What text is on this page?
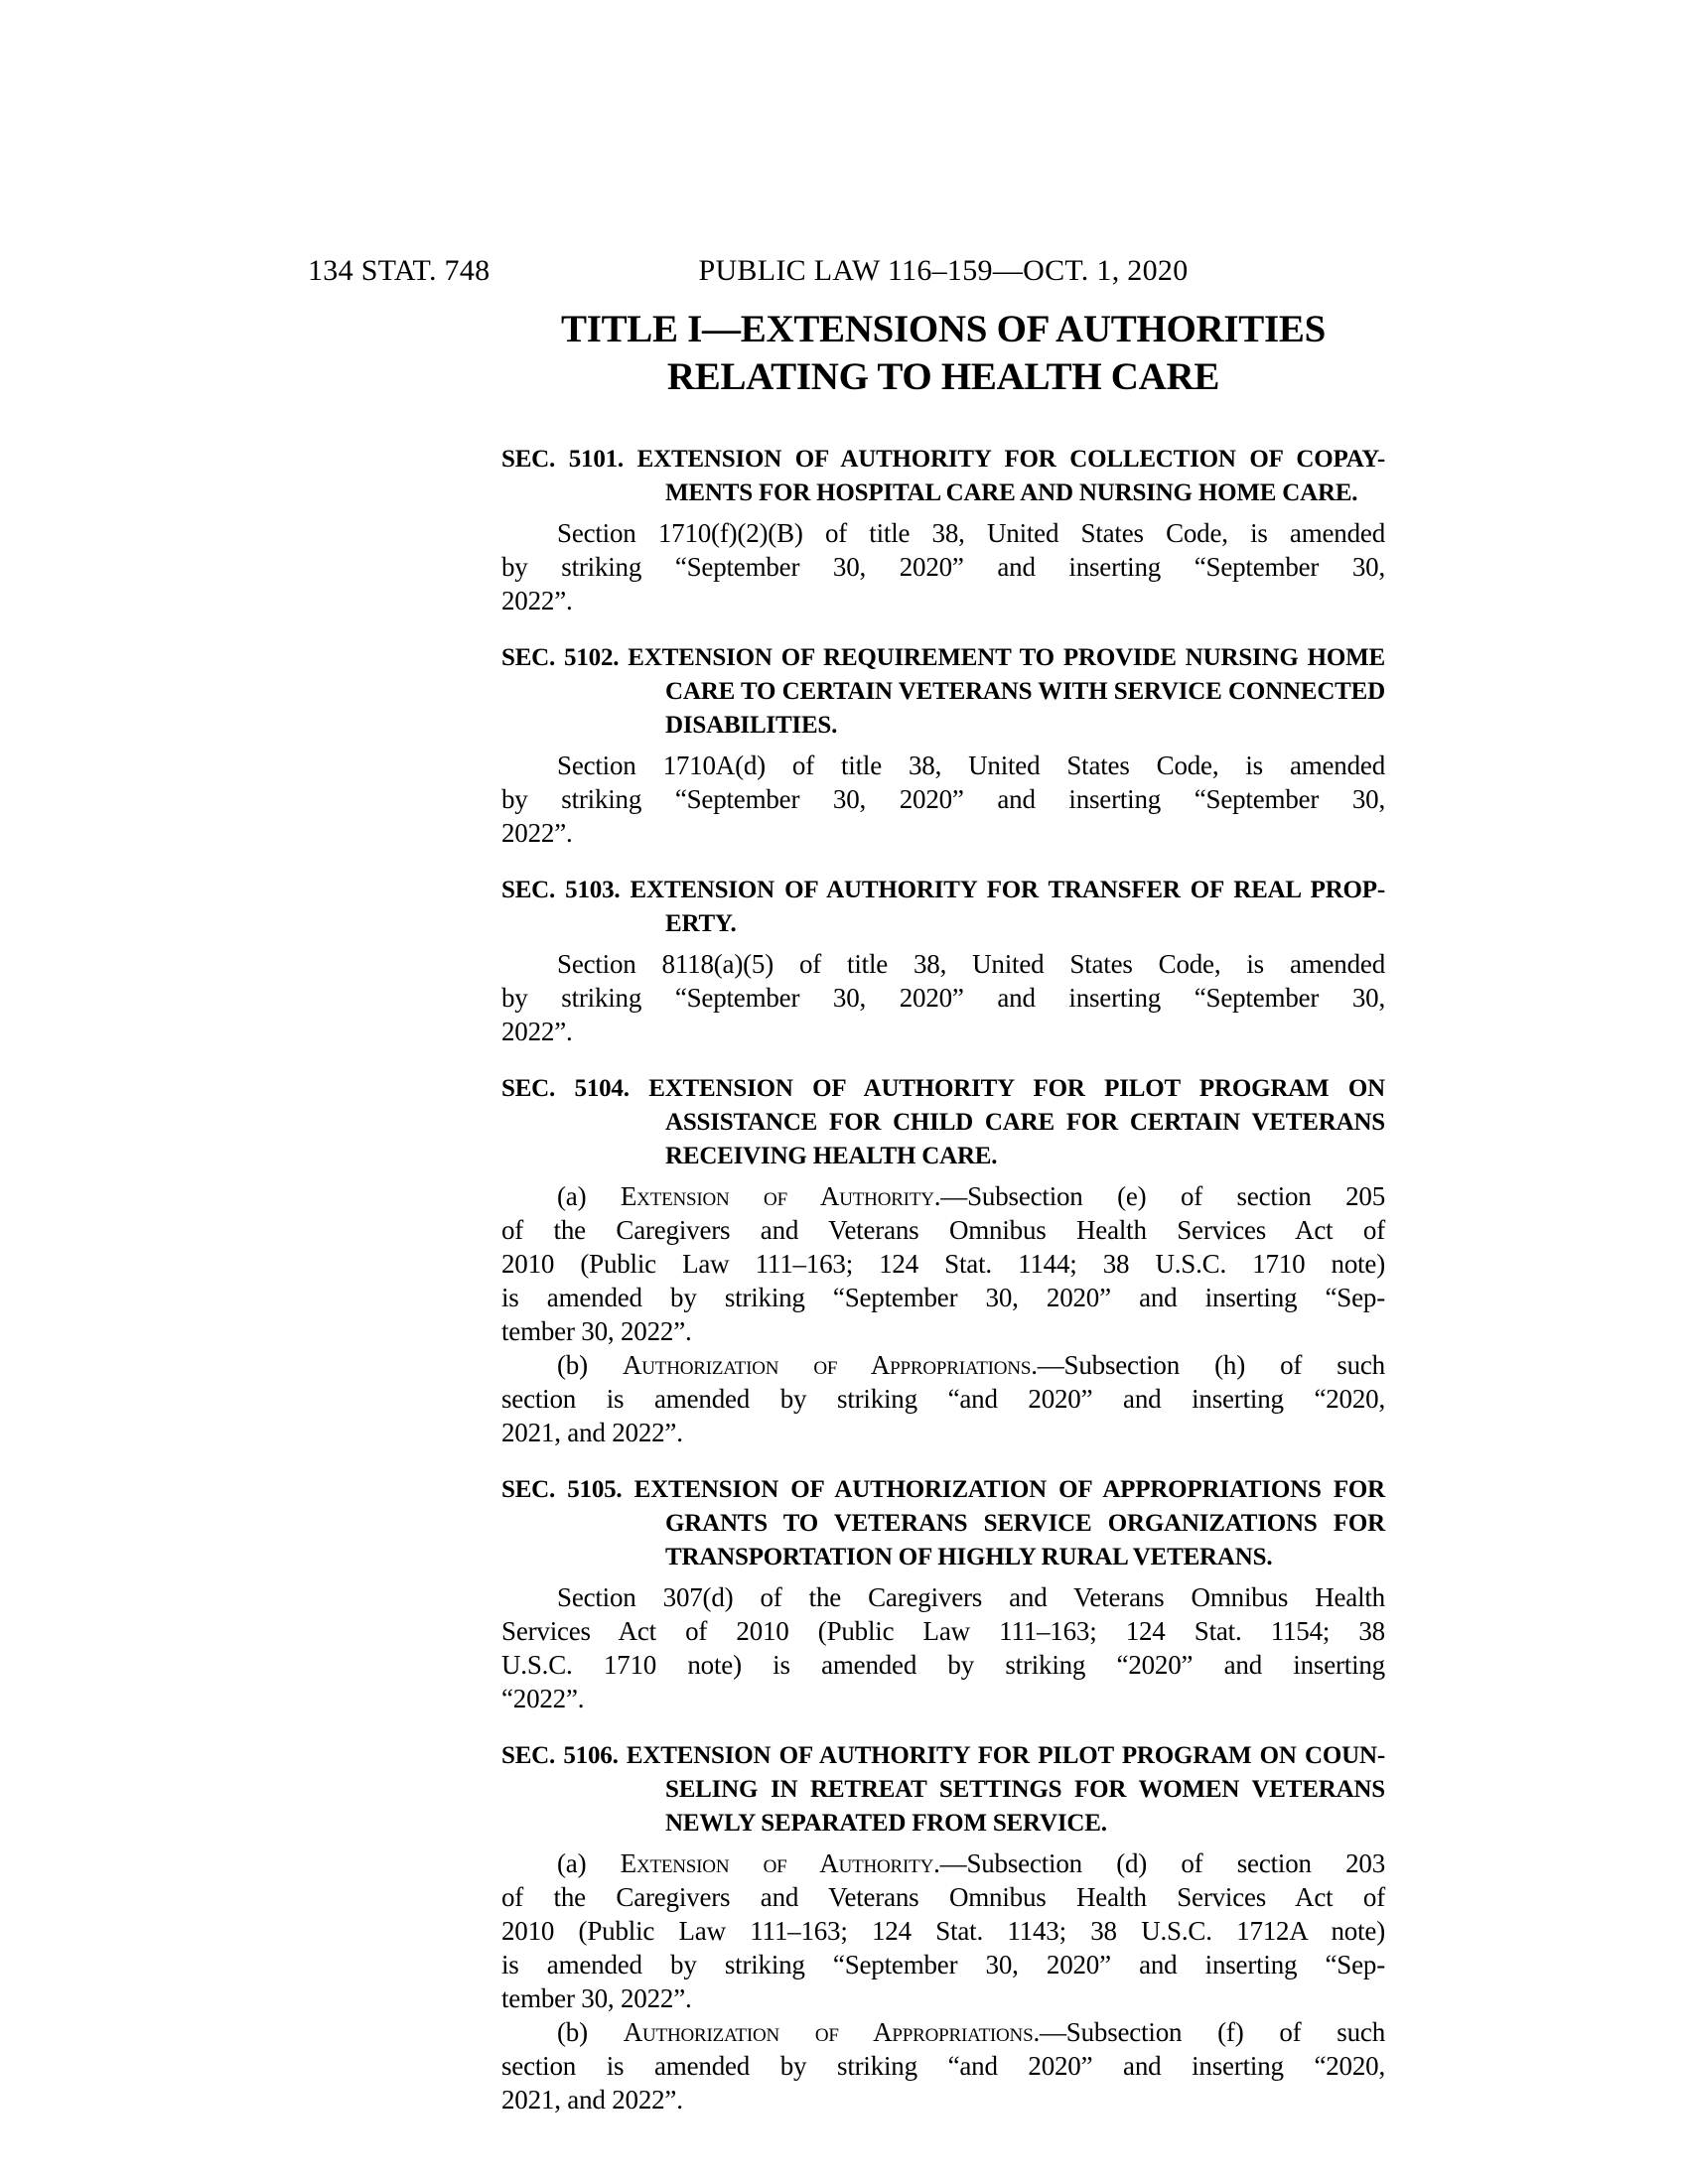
134 STAT. 748	PUBLIC LAW 116–159—OCT. 1, 2020
TITLE I—EXTENSIONS OF AUTHORITIES
RELATING TO HEALTH CARE
SEC. 5101. EXTENSION OF AUTHORITY FOR COLLECTION OF COPAY-
MENTS FOR HOSPITAL CARE AND NURSING HOME CARE.
Section 1710(f)(2)(B) of title 38, United States Code, is amended
by striking “September 30, 2020” and inserting “September 30,
2022”.
SEC. 5102. EXTENSION OF REQUIREMENT TO PROVIDE NURSING HOME
CARE TO CERTAIN VETERANS WITH SERVICE CONNECTED
DISABILITIES.
Section 1710A(d) of title 38, United States Code, is amended
by striking “September 30, 2020” and inserting “September 30,
2022”.
SEC. 5103. EXTENSION OF AUTHORITY FOR TRANSFER OF REAL PROP-
ERTY.
Section 8118(a)(5) of title 38, United States Code, is amended
by striking “September 30, 2020” and inserting “September 30,
2022”.
SEC. 5104. EXTENSION OF AUTHORITY FOR PILOT PROGRAM ON
ASSISTANCE FOR CHILD CARE FOR CERTAIN VETERANS
RECEIVING HEALTH CARE.
(a) Extension of Authority.—Subsection (e) of section 205
of the Caregivers and Veterans Omnibus Health Services Act of
2010 (Public Law 111–163; 124 Stat. 1144; 38 U.S.C. 1710 note)
is amended by striking “September 30, 2020” and inserting “Sep-
tember 30, 2022”.
(b) Authorization of Appropriations.—Subsection (h) of such
section is amended by striking “and 2020” and inserting “2020,
2021, and 2022”.
SEC. 5105. EXTENSION OF AUTHORIZATION OF APPROPRIATIONS FOR
GRANTS TO VETERANS SERVICE ORGANIZATIONS FOR
TRANSPORTATION OF HIGHLY RURAL VETERANS.
Section 307(d) of the Caregivers and Veterans Omnibus Health
Services Act of 2010 (Public Law 111–163; 124 Stat. 1154; 38
U.S.C. 1710 note) is amended by striking “2020” and inserting
“2022”.
SEC. 5106. EXTENSION OF AUTHORITY FOR PILOT PROGRAM ON COUN-
SELING IN RETREAT SETTINGS FOR WOMEN VETERANS
NEWLY SEPARATED FROM SERVICE.
(a) Extension of Authority.—Subsection (d) of section 203
of the Caregivers and Veterans Omnibus Health Services Act of
2010 (Public Law 111–163; 124 Stat. 1143; 38 U.S.C. 1712A note)
is amended by striking “September 30, 2020” and inserting “Sep-
tember 30, 2022”.
(b) Authorization of Appropriations.—Subsection (f) of such
section is amended by striking “and 2020” and inserting “2020,
2021, and 2022”.
